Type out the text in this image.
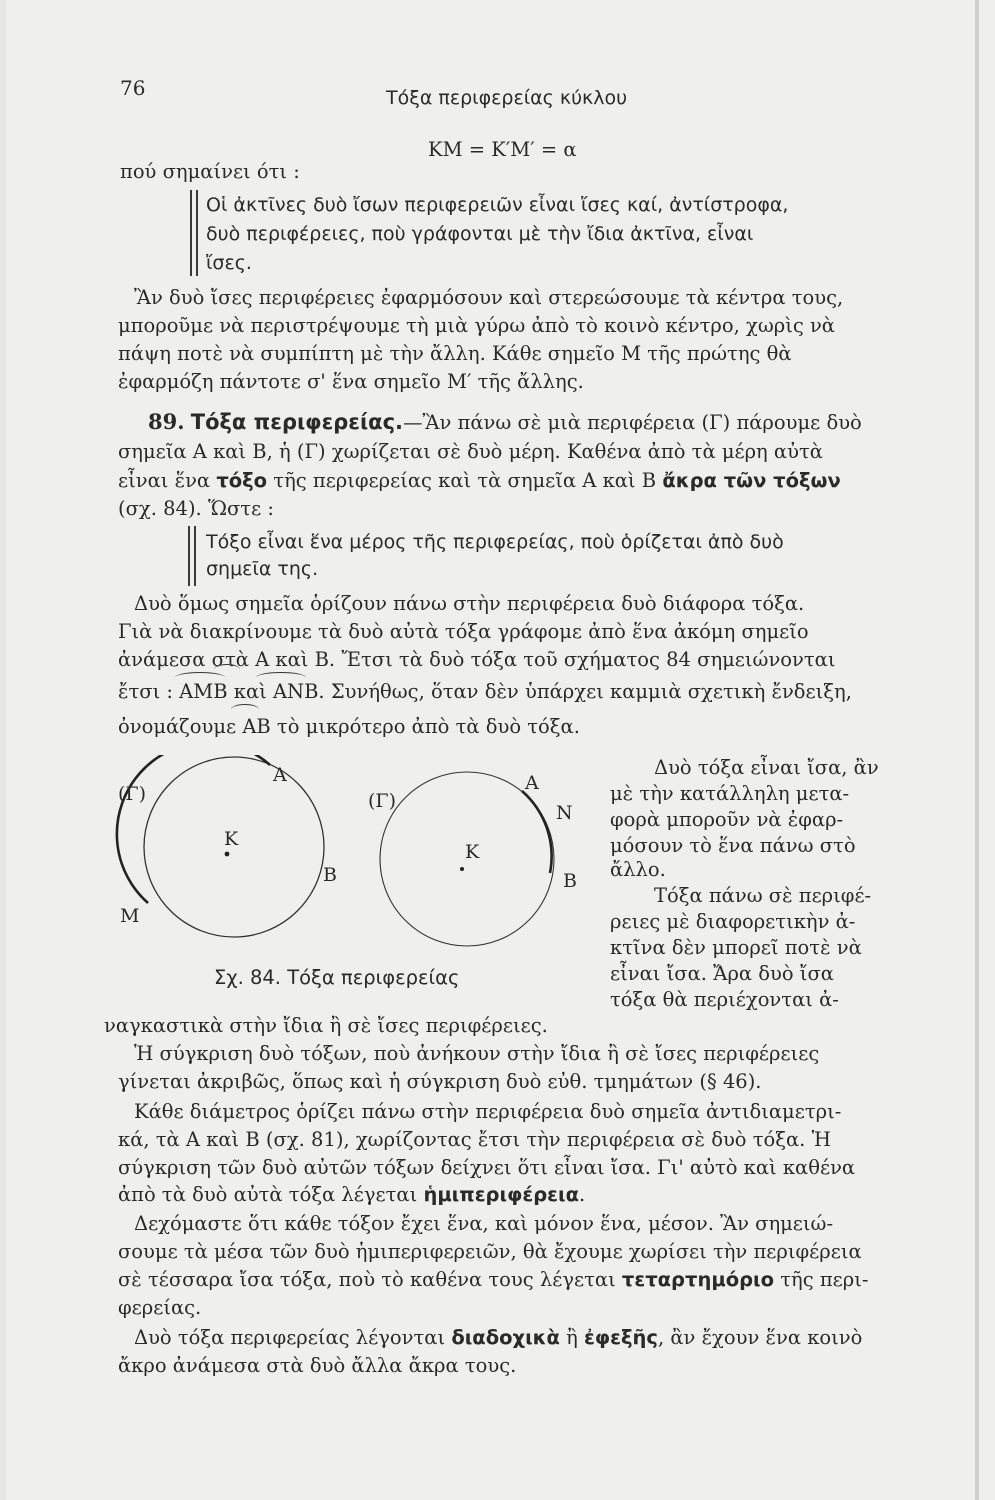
76	Τόξα περιφερείας κύκλου
ΚΜ = Κ′Μ′ = α
πού σημαίνει ότι :
Οἱ ἀκτῖνες δυὸ ἴσων περιφερειῶν εἶναι ἴσες καί, ἀντίστροφα,
δυὸ περιφέρειες, ποὺ γράφονται μὲ τὴν ἴδια ἀκτῖνα, εἶναι
ἴσες.
Ἂν δυὸ ἴσες περιφέρειες ἐφαρμόσουν καὶ στερεώσουμε τὰ κέντρα τους,
μποροῦμε νὰ περιστρέψουμε τὴ μιὰ γύρω ἀπὸ τὸ κοινὸ κέντρο, χωρὶς νὰ
πάψη ποτὲ νὰ συμπίπτη μὲ τὴν ἄλλη. Κάθε σημεῖο Μ τῆς πρώτης θὰ
ἐφαρμόζη πάντοτε σ' ἕνα σημεῖο Μ′ τῆς ἄλλης.
89. Τόξα περιφερείας.—Ἂν πάνω σὲ μιὰ περιφέρεια (Γ) πάρουμε δυὸ
σημεῖα Α καὶ Β, ἡ (Γ) χωρίζεται σὲ δυὸ μέρη. Καθένα ἀπὸ τὰ μέρη αὐτὰ
εἶναι ἕνα τόξο τῆς περιφερείας καὶ τὰ σημεῖα Α καὶ Β ἄκρα τῶν τόξων
(σχ. 84). Ὥστε :
Τόξο εἶναι ἕνα μέρος τῆς περιφερείας, ποὺ ὁρίζεται ἀπὸ δυὸ
σημεῖα της.
Δυὸ ὅμως σημεῖα ὁρίζουν πάνω στὴν περιφέρεια δυὸ διάφορα τόξα.
Γιὰ νὰ διακρίνουμε τὰ δυὸ αὐτὰ τόξα γράφομε ἀπὸ ἕνα ἀκόμη σημεῖο
ἀνάμεσα στὰ Α καὶ Β. Ἔτσι τὰ δυὸ τόξα τοῦ σχήματος 84 σημειώνονται
ἔτσι : ΑΜΒ καὶ ΑΝΒ. Συνήθως, ὅταν δὲν ὑπάρχει καμμιὰ σχετικὴ ἔνδειξη,
ὀνομάζουμε ΑΒ τὸ μικρότερο ἀπὸ τὰ δυὸ τόξα.
(Γ)
Α
Κ
Β
Μ
(Γ)
Α
Ν
Κ
Β
Σχ. 84. Τόξα περιφερείας
Δυὸ τόξα εἶναι ἴσα, ἂν
μὲ τὴν κατάλληλη μετα-
φορὰ μποροῦν νὰ ἐφαρ-
μόσουν τὸ ἕνα πάνω στὸ
ἄλλο.
Τόξα πάνω σὲ περιφέ-
ρειες μὲ διαφορετικὴν ἀ-
κτῖνα δὲν μπορεῖ ποτὲ νὰ
εἶναι ἴσα. Ἄρα δυὸ ἴσα
τόξα θὰ περιέχονται ἀ-
ναγκαστικὰ στὴν ἴδια ἢ σὲ ἴσες περιφέρειες.
Ἡ σύγκριση δυὸ τόξων, ποὺ ἀνήκουν στὴν ἴδια ἢ σὲ ἴσες περιφέρειες
γίνεται ἀκριβῶς, ὅπως καὶ ἡ σύγκριση δυὸ εὐθ. τμημάτων (§ 46).
Κάθε διάμετρος ὁρίζει πάνω στὴν περιφέρεια δυὸ σημεῖα ἀντιδιαμετρι-
κά, τὰ Α καὶ Β (σχ. 81), χωρίζοντας ἔτσι τὴν περιφέρεια σὲ δυὸ τόξα. Ἡ
σύγκριση τῶν δυὸ αὐτῶν τόξων δείχνει ὅτι εἶναι ἴσα. Γι' αὐτὸ καὶ καθένα
ἀπὸ τὰ δυὸ αὐτὰ τόξα λέγεται ἡμιπεριφέρεια.
Δεχόμαστε ὅτι κάθε τόξον ἔχει ἕνα, καὶ μόνον ἕνα, μέσον. Ἂν σημειώ-
σουμε τὰ μέσα τῶν δυὸ ἡμιπεριφερειῶν, θὰ ἔχουμε χωρίσει τὴν περιφέρεια
σὲ τέσσαρα ἴσα τόξα, ποὺ τὸ καθένα τους λέγεται τεταρτημόριο τῆς περι-
φερείας.
Δυὸ τόξα περιφερείας λέγονται διαδοχικὰ ἢ ἐφεξῆς, ἂν ἔχουν ἕνα κοινὸ
ἄκρο ἀνάμεσα στὰ δυὸ ἄλλα ἄκρα τους.
